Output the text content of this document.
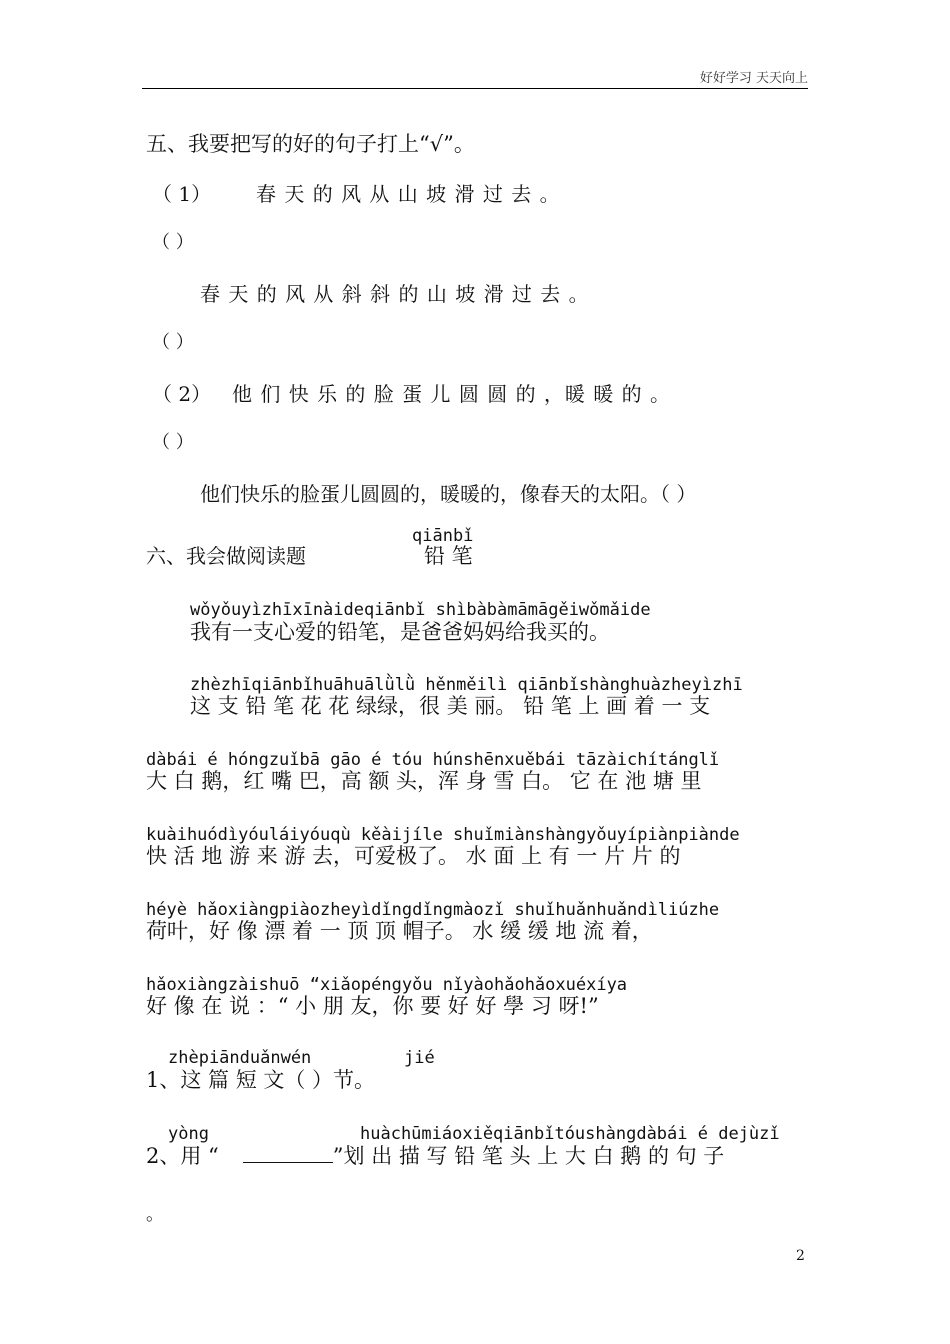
好好学习 天天向上
五、我要把写的好的句子打上“√”。
（ 1） 春 天 的 风 从 山 坡 滑 过 去 。
（ ）
春 天 的 风 从 斜 斜 的 山 坡 滑 过 去 。
（ ）
（ 2） 他 们 快 乐 的 脸 蛋 儿 圆 圆 的 ，暖 暖 的 。
（ ）
他们快乐的脸蛋儿圆圆的，暖暖的，像春天的太阳。（ ）
六、我会做阅读题
qiānbǐ
铅 笔
wǒyǒuyìzhīxīnàideqiānbǐ shìbàbàmāmāgěiwǒmǎide
我有一支心爱的铅笔，是爸爸妈妈给我买的。
zhèzhīqiānbǐhuāhuālǜlǜ hěnměilì qiānbǐshànghuàzheyìzhī
这 支 铅 笔 花 花 绿绿，很 美 丽。 铅 笔 上 画 着 一 支
dàbái é hóngzuǐbā gāo é tóu húnshēnxuěbái tāzàichítánglǐ
大 白 鹅，红 嘴 巴，高 额 头，浑 身 雪 白。 它 在 池 塘 里
kuàihuódìyóuláiyóuqù kěàijíle shuǐmiànshàngyǒuyípiànpiànde
快 活 地 游 来 游 去，可爱极了。 水 面 上 有 一 片 片 的
héyè hǎoxiàngpiàozheyìdǐngdǐngmàozǐ shuǐhuǎnhuǎndìliúzhe
荷叶，好 像 漂 着 一 顶 顶 帽子。 水 缓 缓 地 流 着，
hǎoxiàngzàishuō “xiǎopéngyǒu nǐyàohǎohǎoxuéxíya
好 像 在 说 ：“ 小 朋 友，你 要 好 好 學 习 呀!”
zhèpiānduǎnwén	jié
1、这 篇 短 文（ ）节。
yòng	huàchūmiáoxiěqiānbǐtóushàngdàbái é dejùzǐ
2、用 “	”划 出 描 写 铅 笔 头 上 大 白 鹅 的 句 子
。
2
